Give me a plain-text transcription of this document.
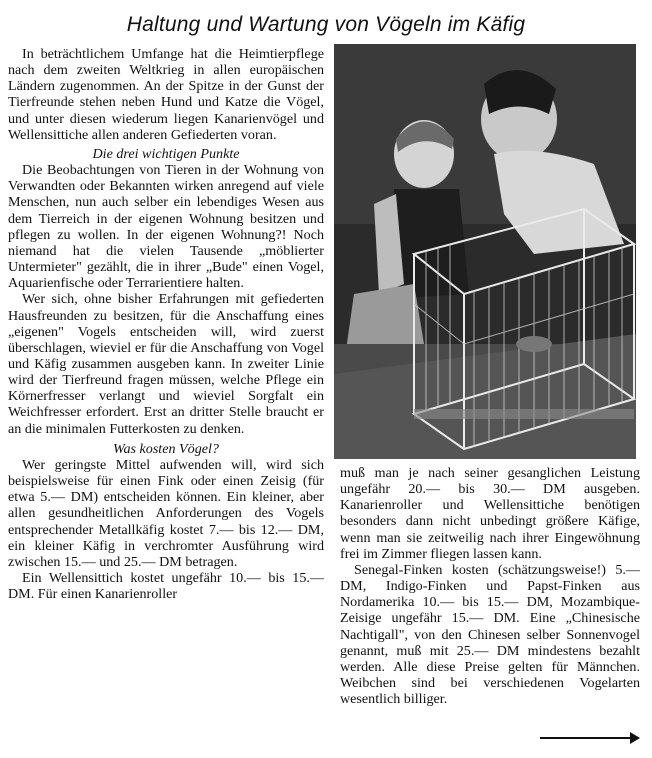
Haltung und Wartung von Vögeln im Käfig

In beträchtlichem Umfange hat die Heimtierpflege nach dem zweiten Weltkrieg in allen europäischen Ländern zugenommen. An der Spitze in der Gunst der Tierfreunde stehen neben Hund und Katze die Vögel, und unter diesen wiederum liegen Kanarienvögel und Wellensittiche allen anderen Gefiederten voran.

Die drei wichtigen Punkte

Die Beobachtungen von Tieren in der Wohnung von Verwandten oder Bekannten wirken anregend auf viele Menschen, nun auch selber ein lebendiges Wesen aus dem Tierreich in der eigenen Wohnung besitzen und pflegen zu wollen. In der eigenen Wohnung?! Noch niemand hat die vielen Tausende „möblierter Untermieter" gezählt, die in ihrer „Bude" einen Vogel, Aquarienfische oder Terrarientiere halten.

Wer sich, ohne bisher Erfahrungen mit gefiederten Hausfreunden zu besitzen, für die Anschaffung eines „eigenen" Vogels entscheiden will, wird zuerst überschlagen, wieviel er für die Anschaffung von Vogel und Käfig zusammen ausgeben kann. In zweiter Linie wird der Tierfreund fragen müssen, welche Pflege ein Körnerfresser verlangt und wieviel Sorgfalt ein Weichfresser erfordert. Erst an dritter Stelle braucht er an die minimalen Futterkosten zu denken.

Was kosten Vögel?

Wer geringste Mittel aufwenden will, wird sich beispielsweise für einen Fink oder einen Zeisig (für etwa 5.— DM) entscheiden können. Ein kleiner, aber allen gesundheitlichen Anforderungen des Vogels entsprechender Metallkäfig kostet 7.— bis 12.— DM, ein kleiner Käfig in verchromter Ausführung wird zwischen 15.— und 25.— DM betragen.

Ein Wellensittich kostet ungefähr 10.— bis 15.— DM. Für einen Kanarienroller

muß man je nach seiner gesanglichen Leistung ungefähr 20.— bis 30.— DM ausgeben. Kanarienroller und Wellensittiche benötigen besonders dann nicht unbedingt größere Käfige, wenn man sie zeitweilig nach ihrer Eingewöhnung frei im Zimmer fliegen lassen kann.

Senegal-Finken kosten (schätzungsweise!) 5.— DM, Indigo-Finken und Papst-Finken aus Nordamerika 10.— bis 15.— DM, Mozambique-Zeisige ungefähr 15.— DM. Eine „Chinesische Nachtigall", von den Chinesen selber Sonnenvogel genannt, muß mit 25.— DM mindestens bezahlt werden. Alle diese Preise gelten für Männchen. Weibchen sind bei verschiedenen Vogelarten wesentlich billiger.
